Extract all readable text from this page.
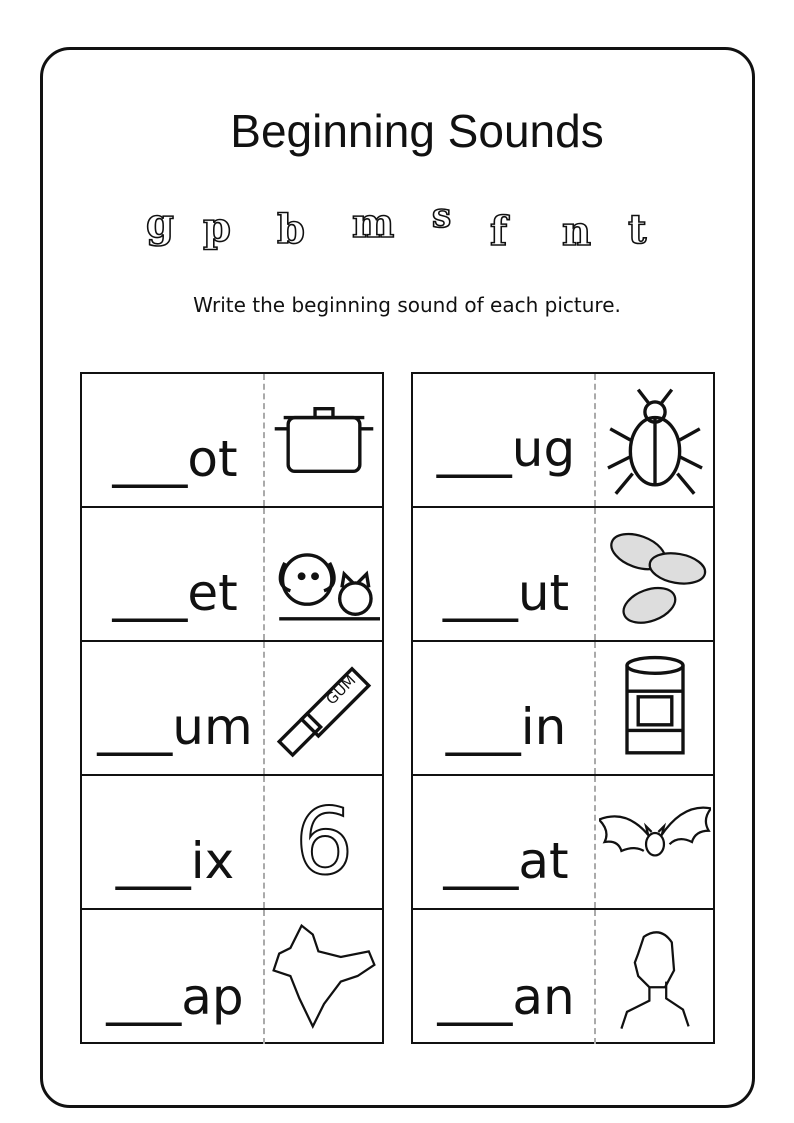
Beginning Sounds
g p b m s f n t
Write the beginning sound of each picture.
___ot
___et
___um
GUM
___ix 6
___ap
___ug
___ut
___in
___at
___an
